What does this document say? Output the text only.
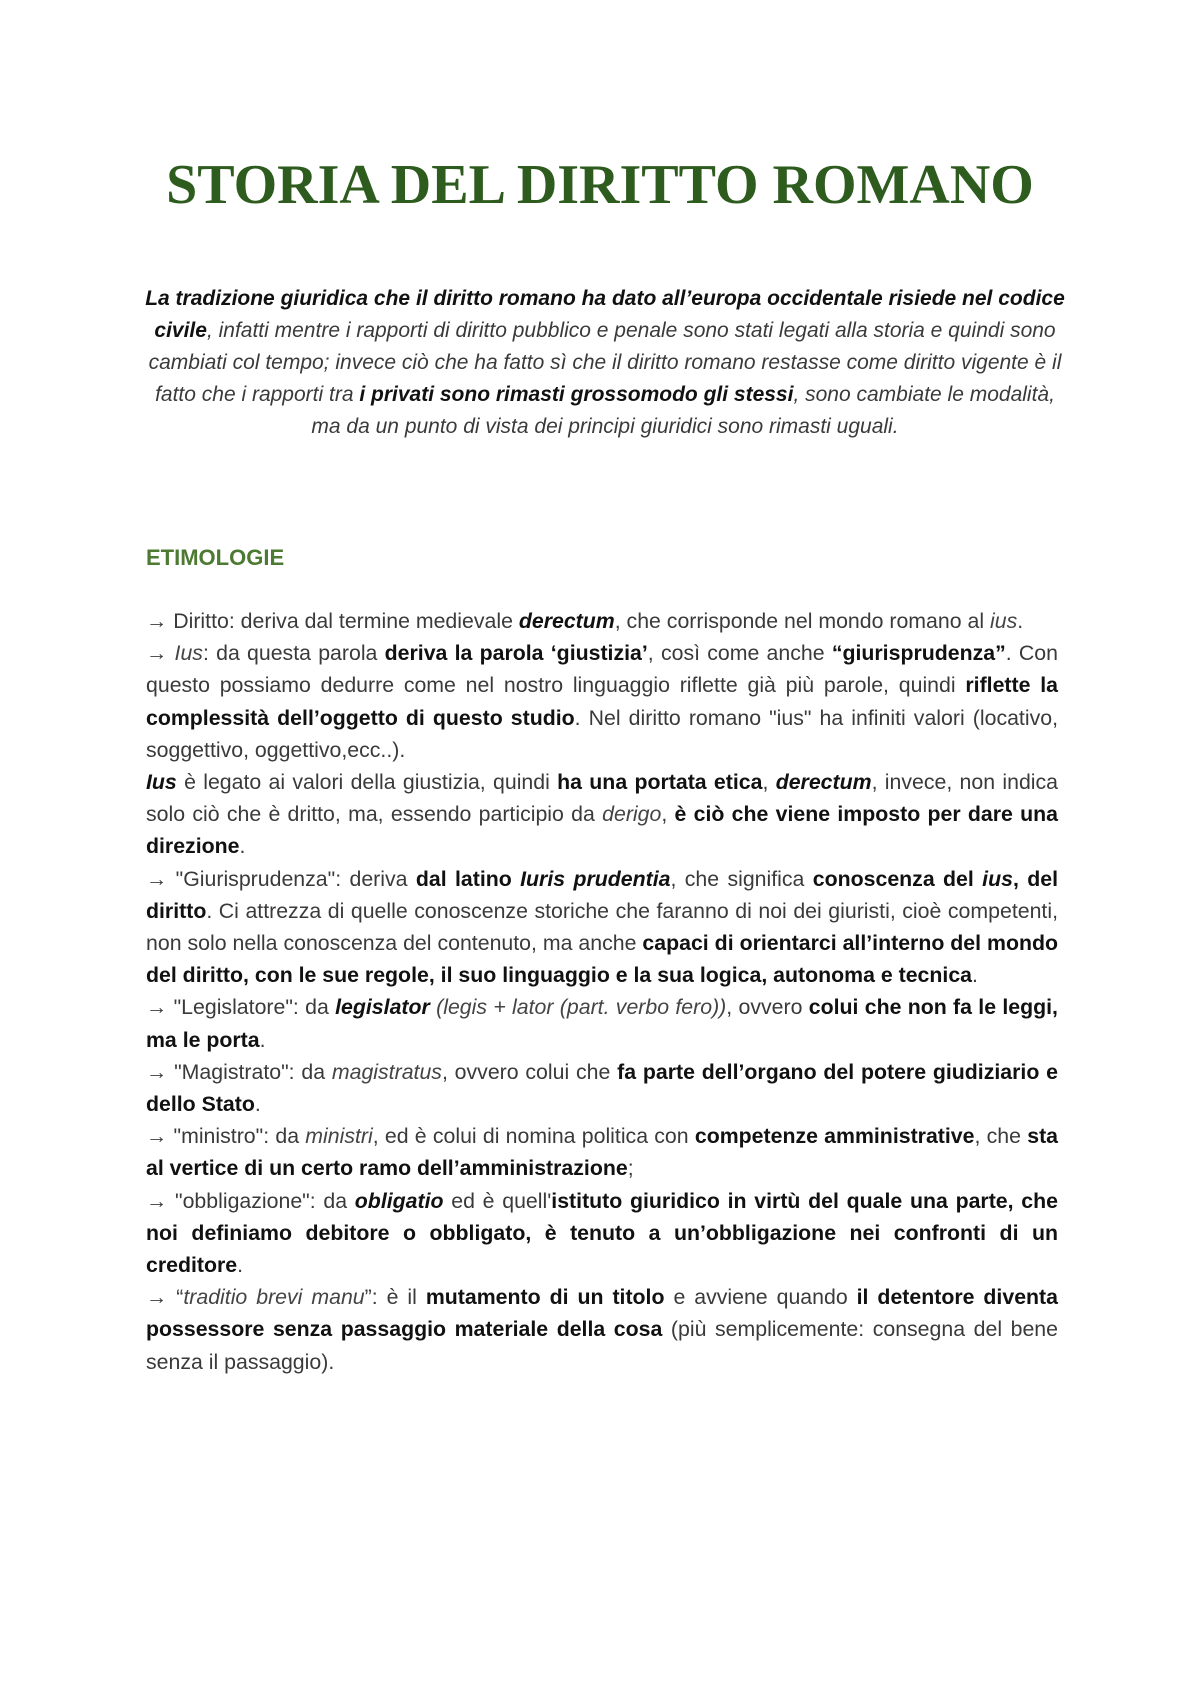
STORIA DEL DIRITTO ROMANO

La tradizione giuridica che il diritto romano ha dato all’europa occidentale risiede nel codice civile, infatti mentre i rapporti di diritto pubblico e penale sono stati legati alla storia e quindi sono cambiati col tempo; invece ciò che ha fatto sì che il diritto romano restasse come diritto vigente è il fatto che i rapporti tra i privati sono rimasti grossomodo gli stessi, sono cambiate le modalità, ma da un punto di vista dei principi giuridici sono rimasti uguali.

ETIMOLOGIE

→ Diritto: deriva dal termine medievale derectum, che corrisponde nel mondo romano al ius.

→ Ius: da questa parola deriva la parola ‘giustizia’, così come anche “giurisprudenza”. Con questo possiamo dedurre come nel nostro linguaggio riflette già più parole, quindi riflette la complessità dell’oggetto di questo studio. Nel diritto romano "ius" ha infiniti valori (locativo, soggettivo, oggettivo,ecc..).

Ius è legato ai valori della giustizia, quindi ha una portata etica, derectum, invece, non indica solo ciò che è dritto, ma, essendo participio da derigo, è ciò che viene imposto per dare una direzione.

→ "Giurisprudenza": deriva dal latino Iuris prudentia, che significa conoscenza del ius, del diritto. Ci attrezza di quelle conoscenze storiche che faranno di noi dei giuristi, cioè competenti, non solo nella conoscenza del contenuto, ma anche capaci di orientarci all’interno del mondo del diritto, con le sue regole, il suo linguaggio e la sua logica, autonoma e tecnica.

→ "Legislatore": da legislator (legis + lator (part. verbo fero)), ovvero colui che non fa le leggi, ma le porta.

→ "Magistrato": da magistratus, ovvero colui che fa parte dell’organo del potere giudiziario e dello Stato.

→ "ministro": da ministri, ed è colui di nomina politica con competenze amministrative, che sta al vertice di un certo ramo dell’amministrazione;

→ "obbligazione": da obligatio ed è quell'istituto giuridico in virtù del quale una parte, che noi definiamo debitore o obbligato, è tenuto a un’obbligazione nei confronti di un creditore.

→ “traditio brevi manu”: è il mutamento di un titolo e avviene quando il detentore diventa possessore senza passaggio materiale della cosa (più semplicemente: consegna del bene senza il passaggio).
